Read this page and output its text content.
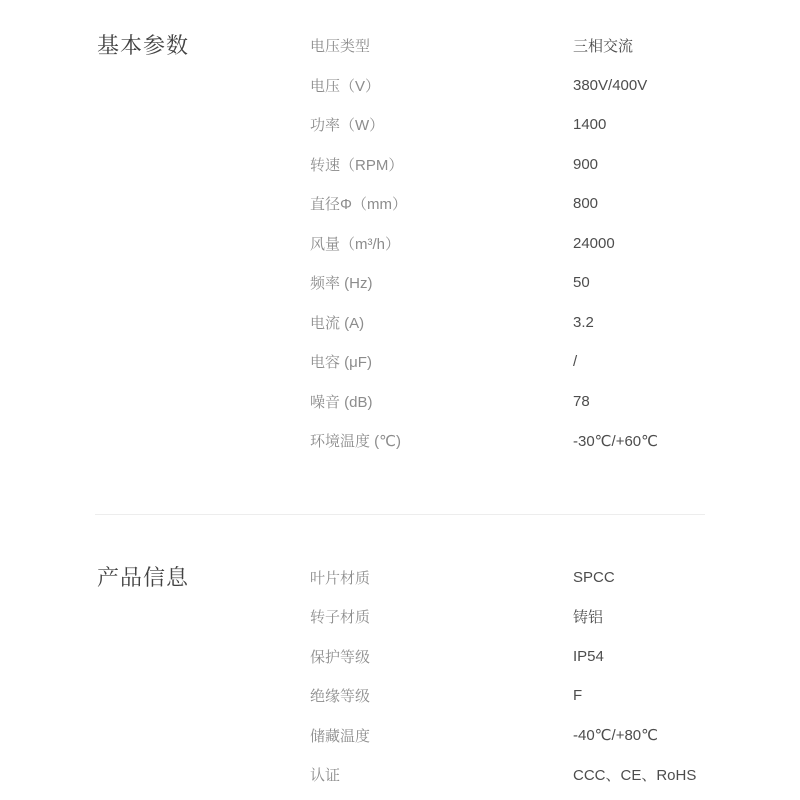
基本参数	电压类型	三相交流
电压（V）	380V/400V
功率（W）	1400
转速（RPM）	900
直径Φ（mm）	800
风量（m³/h）	24000
频率 (Hz)	50
电流 (A)	3.2
电容 (μF)	/
噪音 (dB)	78
环境温度 (℃)	-30℃/+60℃
产品信息	叶片材质	SPCC
转子材质	铸铝
保护等级	IP54
绝缘等级	F
储藏温度	-40℃/+80℃
认证	CCC、CE、RoHS
